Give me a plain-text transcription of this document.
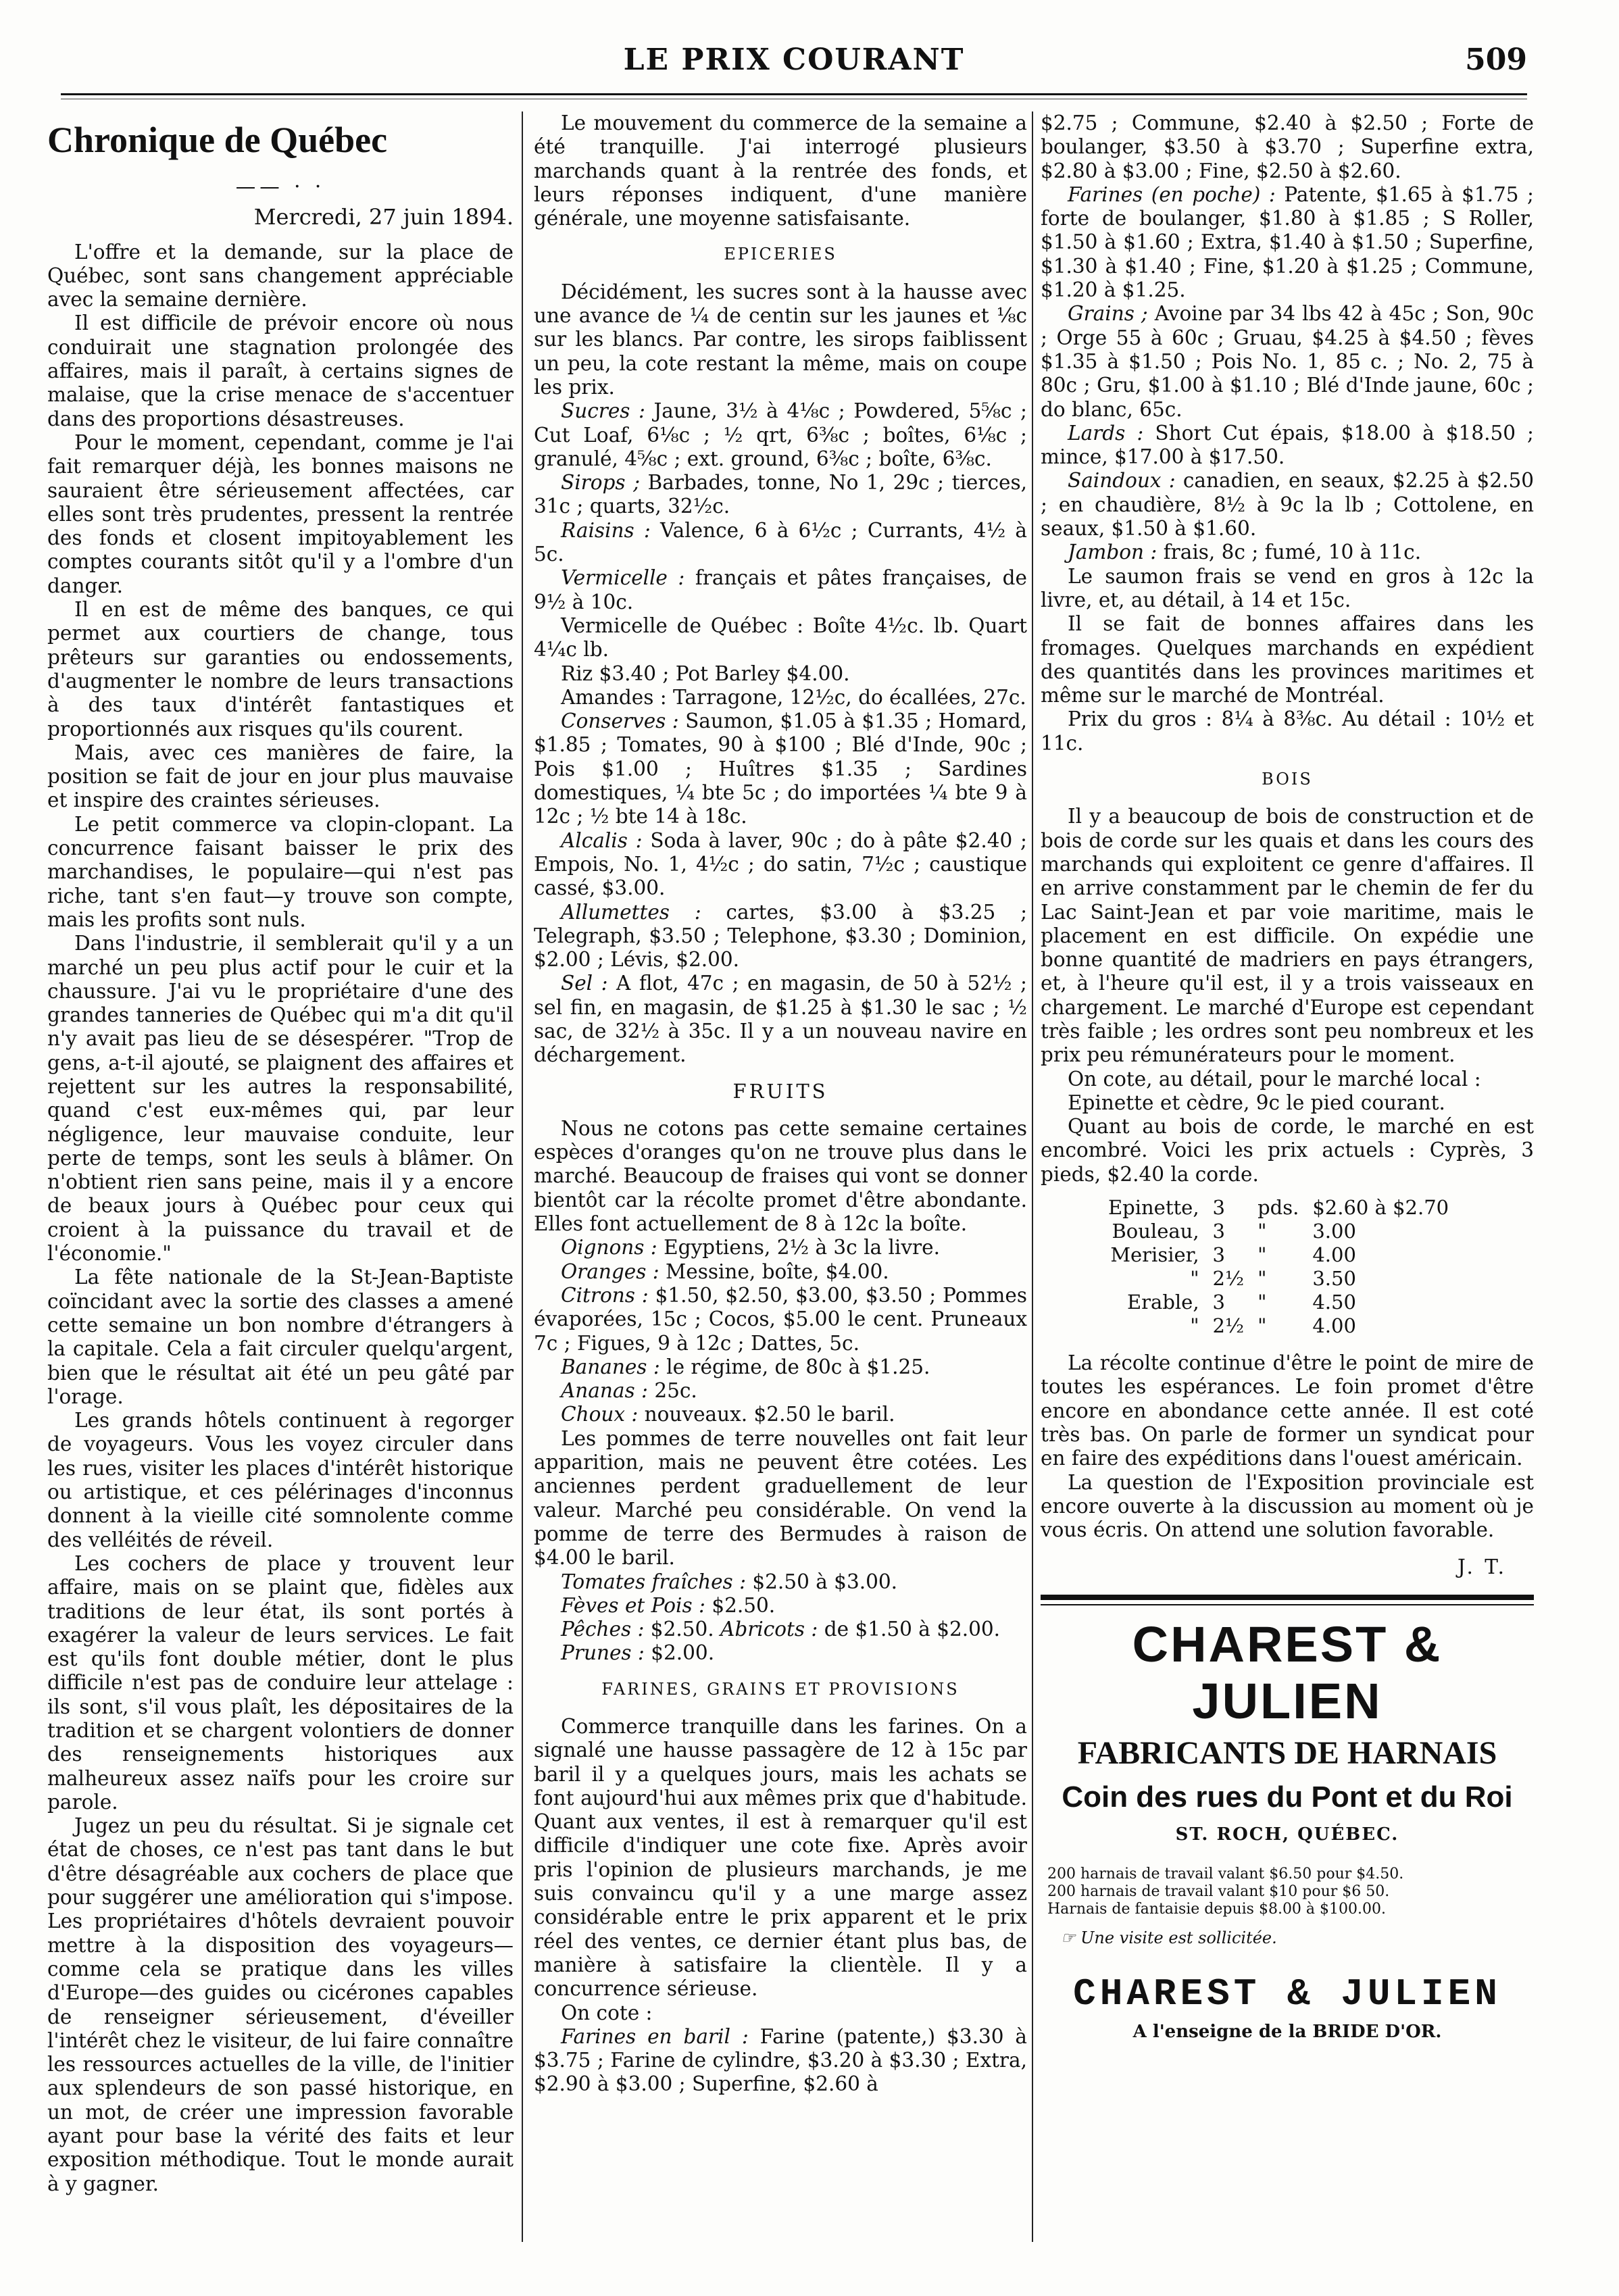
LE PRIX COURANT	509
Chronique de Québec
—— · ·
Mercredi, 27 juin 1894.

L'offre et la demande, sur la place de Québec, sont sans changement appréciable avec la semaine dernière.

Il est difficile de prévoir encore où nous conduirait une stagnation prolongée des affaires, mais il paraît, à certains signes de malaise, que la crise menace de s'accentuer dans des proportions désastreuses.

Pour le moment, cependant, comme je l'ai fait remarquer déjà, les bonnes maisons ne sauraient être sérieusement affectées, car elles sont très prudentes, pressent la rentrée des fonds et closent impitoyablement les comptes courants sitôt qu'il y a l'ombre d'un danger.

Il en est de même des banques, ce qui permet aux courtiers de change, tous prêteurs sur garanties ou endossements, d'augmenter le nombre de leurs transactions à des taux d'intérêt fantastiques et proportionnés aux risques qu'ils courent.

Mais, avec ces manières de faire, la position se fait de jour en jour plus mauvaise et inspire des craintes sérieuses.

Le petit commerce va clopin-clopant. La concurrence faisant baisser le prix des marchandises, le populaire—qui n'est pas riche, tant s'en faut—y trouve son compte, mais les profits sont nuls.

Dans l'industrie, il semblerait qu'il y a un marché un peu plus actif pour le cuir et la chaussure. J'ai vu le propriétaire d'une des grandes tanneries de Québec qui m'a dit qu'il n'y avait pas lieu de se désespérer. "Trop de gens, a-t-il ajouté, se plaignent des affaires et rejettent sur les autres la responsabilité, quand c'est eux-mêmes qui, par leur négligence, leur mauvaise conduite, leur perte de temps, sont les seuls à blâmer. On n'obtient rien sans peine, mais il y a encore de beaux jours à Québec pour ceux qui croient à la puissance du travail et de l'économie."

La fête nationale de la St-Jean-Baptiste coïncidant avec la sortie des classes a amené cette semaine un bon nombre d'étrangers à la capitale. Cela a fait circuler quelqu'argent, bien que le résultat ait été un peu gâté par l'orage.

Les grands hôtels continuent à regorger de voyageurs. Vous les voyez circuler dans les rues, visiter les places d'intérêt historique ou artistique, et ces pélérinages d'inconnus donnent à la vieille cité somnolente comme des velléités de réveil.

Les cochers de place y trouvent leur affaire, mais on se plaint que, fidèles aux traditions de leur état, ils sont portés à exagérer la valeur de leurs services. Le fait est qu'ils font double métier, dont le plus difficile n'est pas de conduire leur attelage : ils sont, s'il vous plaît, les dépositaires de la tradition et se chargent volontiers de donner des renseignements historiques aux malheureux assez naïfs pour les croire sur parole.

Jugez un peu du résultat. Si je signale cet état de choses, ce n'est pas tant dans le but d'être désagréable aux cochers de place que pour suggérer une amélioration qui s'impose. Les propriétaires d'hôtels devraient pouvoir mettre à la disposition des voyageurs—comme cela se pratique dans les villes d'Europe—des guides ou cicérones capables de renseigner sérieusement, d'éveiller l'intérêt chez le visiteur, de lui faire connaître les ressources actuelles de la ville, de l'initier aux splendeurs de son passé historique, en un mot, de créer une impression favorable ayant pour base la vérité des faits et leur exposition méthodique. Tout le monde aurait à y gagner.

Le mouvement du commerce de la semaine a été tranquille. J'ai interrogé plusieurs marchands quant à la rentrée des fonds, et leurs réponses indiquent, d'une manière générale, une moyenne satisfaisante.

EPICERIES

Décidément, les sucres sont à la hausse avec une avance de ¼ de centin sur les jaunes et ⅛c sur les blancs. Par contre, les sirops faiblissent un peu, la cote restant la même, mais on coupe les prix.

Sucres : Jaune, 3½ à 4⅛c ; Powdered, 5⅝c ; Cut Loaf, 6⅛c ; ½ qrt, 6⅜c ; boîtes, 6⅛c ; granulé, 4⅝c ; ext. ground, 6⅜c ; boîte, 6⅜c.

Sirops ; Barbades, tonne, No 1, 29c ; tierces, 31c ; quarts, 32½c.

Raisins : Valence, 6 à 6½c ; Currants, 4½ à 5c.

Vermicelle : français et pâtes françaises, de 9½ à 10c.

Vermicelle de Québec : Boîte 4½c. lb. Quart 4¼c lb.

Riz $3.40 ; Pot Barley $4.00.

Amandes : Tarragone, 12½c, do écallées, 27c.

Conserves : Saumon, $1.05 à $1.35 ; Homard, $1.85 ; Tomates, 90 à $100 ; Blé d'Inde, 90c ; Pois $1.00 ; Huîtres $1.35 ; Sardines domestiques, ¼ bte 5c ; do importées ¼ bte 9 à 12c ; ½ bte 14 à 18c.

Alcalis : Soda à laver, 90c ; do à pâte $2.40 ; Empois, No. 1, 4½c ; do satin, 7½c ; caustique cassé, $3.00.

Allumettes : cartes, $3.00 à $3.25 ; Telegraph, $3.50 ; Telephone, $3.30 ; Dominion, $2.00 ; Lévis, $2.00.

Sel : A flot, 47c ; en magasin, de 50 à 52½ ; sel fin, en magasin, de $1.25 à $1.30 le sac ; ½ sac, de 32½ à 35c. Il y a un nouveau navire en déchargement.

FRUITS

Nous ne cotons pas cette semaine certaines espèces d'oranges qu'on ne trouve plus dans le marché. Beaucoup de fraises qui vont se donner bientôt car la récolte promet d'être abondante. Elles font actuellement de 8 à 12c la boîte.

Oignons : Egyptiens, 2½ à 3c la livre.

Oranges : Messine, boîte, $4.00.

Citrons : $1.50, $2.50, $3.00, $3.50 ; Pommes évaporées, 15c ; Cocos, $5.00 le cent. Pruneaux 7c ; Figues, 9 à 12c ; Dattes, 5c.

Bananes : le régime, de 80c à $1.25.

Ananas : 25c.

Choux : nouveaux. $2.50 le baril.

Les pommes de terre nouvelles ont fait leur apparition, mais ne peuvent être cotées. Les anciennes perdent graduellement de leur valeur. Marché peu considérable. On vend la pomme de terre des Bermudes à raison de $4.00 le baril.

Tomates fraîches : $2.50 à $3.00.

Fèves et Pois : $2.50.

Pêches : $2.50. Abricots : de $1.50 à $2.00.

Prunes : $2.00.

FARINES, GRAINS ET PROVISIONS

Commerce tranquille dans les farines. On a signalé une hausse passagère de 12 à 15c par baril il y a quelques jours, mais les achats se font aujourd'hui aux mêmes prix que d'habitude. Quant aux ventes, il est à remarquer qu'il est difficile d'indiquer une cote fixe. Après avoir pris l'opinion de plusieurs marchands, je me suis convaincu qu'il y a une marge assez considérable entre le prix apparent et le prix réel des ventes, ce dernier étant plus bas, de manière à satisfaire la clientèle. Il y a concurrence sérieuse.

On cote :

Farines en baril : Farine (patente,) $3.30 à $3.75 ; Farine de cylindre, $3.20 à $3.30 ; Extra, $2.90 à $3.00 ; Superfine, $2.60 à

$2.75 ; Commune, $2.40 à $2.50 ; Forte de boulanger, $3.50 à $3.70 ; Superfine extra, $2.80 à $3.00 ; Fine, $2.50 à $2.60.

Farines (en poche) : Patente, $1.65 à $1.75 ; forte de boulanger, $1.80 à $1.85 ; S Roller, $1.50 à $1.60 ; Extra, $1.40 à $1.50 ; Superfine, $1.30 à $1.40 ; Fine, $1.20 à $1.25 ; Commune, $1.20 à $1.25.

Grains ; Avoine par 34 lbs 42 à 45c ; Son, 90c ; Orge 55 à 60c ; Gruau, $4.25 à $4.50 ; fèves $1.35 à $1.50 ; Pois No. 1, 85 c. ; No. 2, 75 à 80c ; Gru, $1.00 à $1.10 ; Blé d'Inde jaune, 60c ; do blanc, 65c.

Lards : Short Cut épais, $18.00 à $18.50 ; mince, $17.00 à $17.50.

Saindoux : canadien, en seaux, $2.25 à $2.50 ; en chaudière, 8½ à 9c la lb ; Cottolene, en seaux, $1.50 à $1.60.

Jambon : frais, 8c ; fumé, 10 à 11c.

Le saumon frais se vend en gros à 12c la livre, et, au détail, à 14 et 15c.

Il se fait de bonnes affaires dans les fromages. Quelques marchands en expédient des quantités dans les provinces maritimes et même sur le marché de Montréal.

Prix du gros : 8¼ à 8⅜c. Au détail : 10½ et 11c.

BOIS

Il y a beaucoup de bois de construction et de bois de corde sur les quais et dans les cours des marchands qui exploitent ce genre d'affaires. Il en arrive constamment par le chemin de fer du Lac Saint-Jean et par voie maritime, mais le placement en est difficile. On expédie une bonne quantité de madriers en pays étrangers, et, à l'heure qu'il est, il y a trois vaisseaux en chargement. Le marché d'Europe est cependant très faible ; les ordres sont peu nombreux et les prix peu rémunérateurs pour le moment.

On cote, au détail, pour le marché local :

Epinette et cèdre, 9c le pied courant.

Quant au bois de corde, le marché en est encombré. Voici les prix actuels : Cyprès, 3 pieds, $2.40 la corde.

Epinette,	3	pds.	$2.60 à $2.70
Bouleau,	3	"	3.00
Merisier,	3	"	4.00
"	2½	"	3.50
Erable,	3	"	4.50
"	2½	"	4.00

La récolte continue d'être le point de mire de toutes les espérances. Le foin promet d'être encore en abondance cette année. Il est coté très bas. On parle de former un syndicat pour en faire des expéditions dans l'ouest américain.

La question de l'Exposition provinciale est encore ouverte à la discussion au moment où je vous écris. On attend une solution favorable.

J. T.
CHAREST & JULIEN
FABRICANTS DE HARNAIS
Coin des rues du Pont et du Roi
ST. ROCH, QUÉBEC.
200 harnais de travail valant $6.50 pour $4.50.
200 harnais de travail valant $10 pour $6 50.
Harnais de fantaisie depuis $8.00 à $100.00.
☞ Une visite est sollicitée.
CHAREST & JULIEN
A l'enseigne de la BRIDE D'OR.
